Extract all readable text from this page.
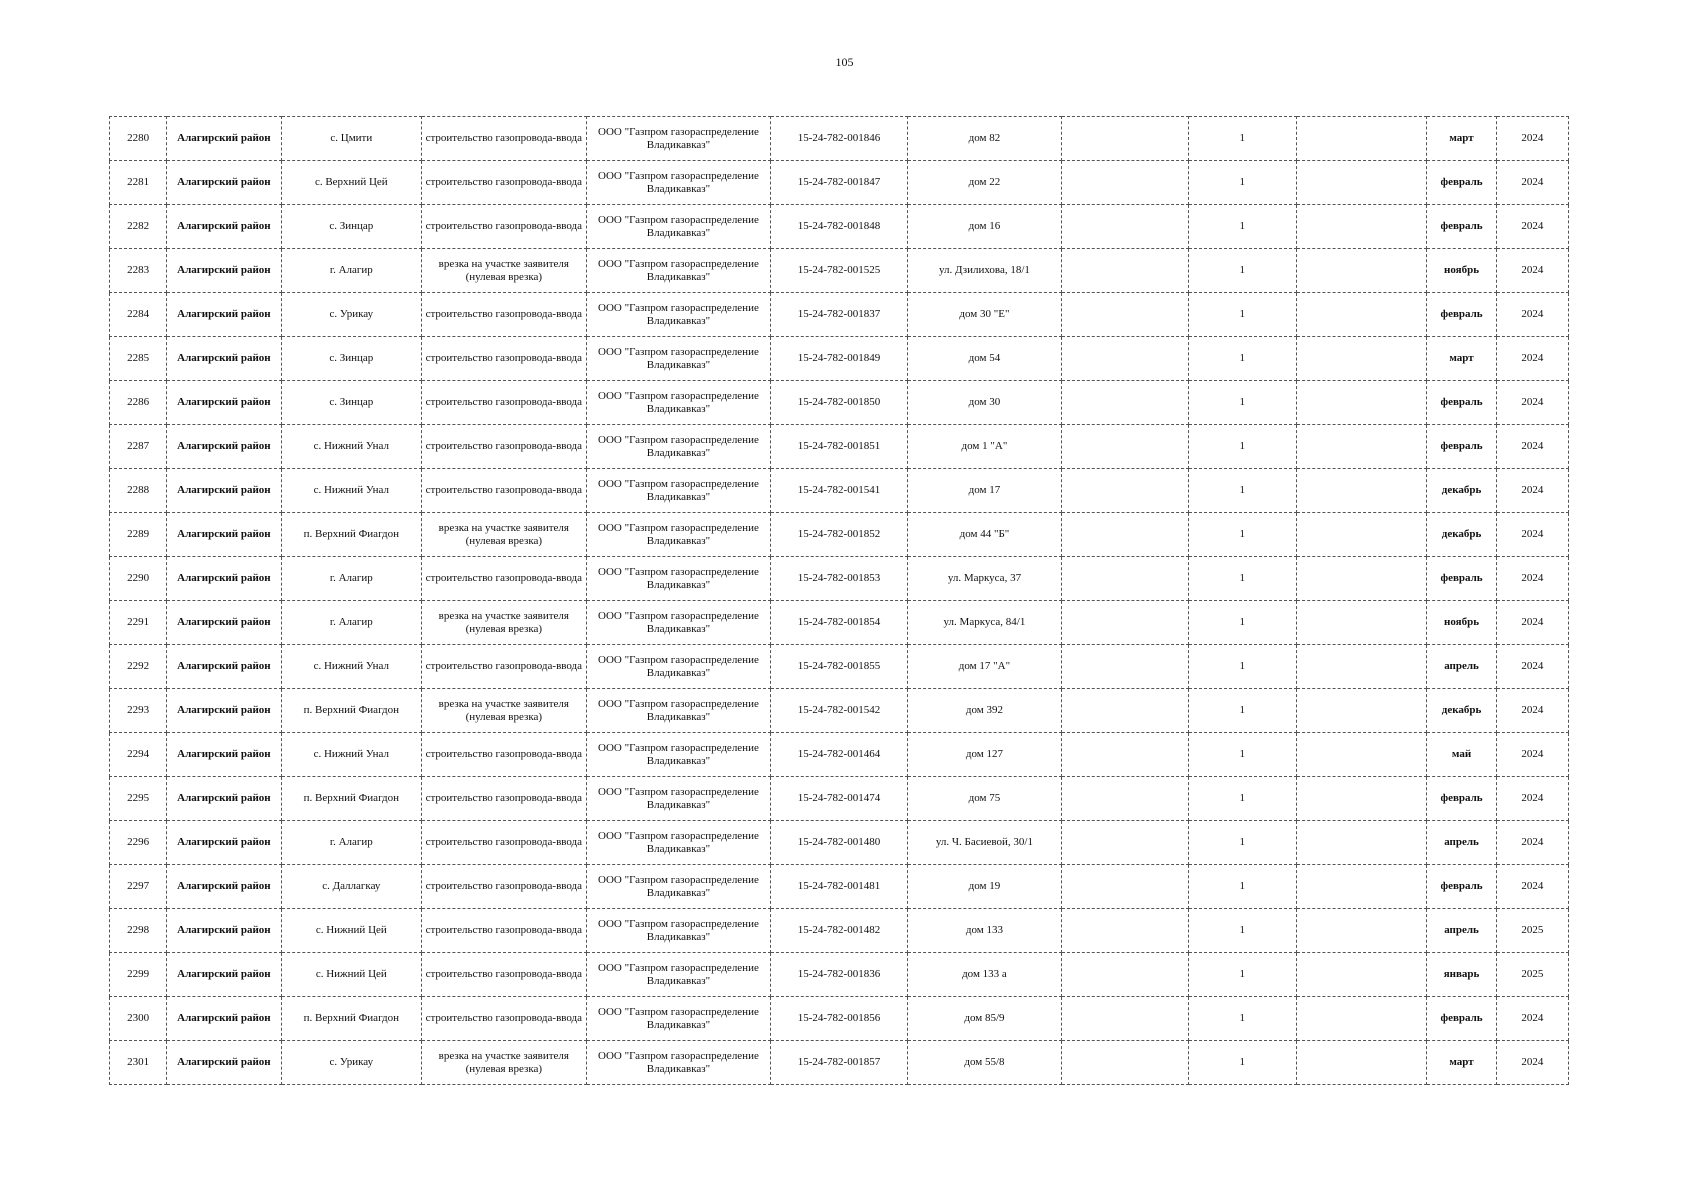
105
2280	Алагирский район	с. Цмити	строительство газопровода-ввода	ООО "Газпром газораспределение Владикавказ"	15-24-782-001846	дом 82		1		март	2024
2281	Алагирский район	с. Верхний Цей	строительство газопровода-ввода	ООО "Газпром газораспределение Владикавказ"	15-24-782-001847	дом 22		1		февраль	2024
2282	Алагирский район	с. Зинцар	строительство газопровода-ввода	ООО "Газпром газораспределение Владикавказ"	15-24-782-001848	дом 16		1		февраль	2024
2283	Алагирский район	г. Алагир	врезка на участке заявителя (нулевая врезка)	ООО "Газпром газораспределение Владикавказ"	15-24-782-001525	ул. Дзилихова, 18/1		1		ноябрь	2024
2284	Алагирский район	с. Урикау	строительство газопровода-ввода	ООО "Газпром газораспределение Владикавказ"	15-24-782-001837	дом 30 "Е"		1		февраль	2024
2285	Алагирский район	с. Зинцар	строительство газопровода-ввода	ООО "Газпром газораспределение Владикавказ"	15-24-782-001849	дом 54		1		март	2024
2286	Алагирский район	с. Зинцар	строительство газопровода-ввода	ООО "Газпром газораспределение Владикавказ"	15-24-782-001850	дом 30		1		февраль	2024
2287	Алагирский район	с. Нижний Унал	строительство газопровода-ввода	ООО "Газпром газораспределение Владикавказ"	15-24-782-001851	дом 1 "А"		1		февраль	2024
2288	Алагирский район	с. Нижний Унал	строительство газопровода-ввода	ООО "Газпром газораспределение Владикавказ"	15-24-782-001541	дом 17		1		декабрь	2024
2289	Алагирский район	п. Верхний Фиагдон	врезка на участке заявителя (нулевая врезка)	ООО "Газпром газораспределение Владикавказ"	15-24-782-001852	дом 44 "Б"		1		декабрь	2024
2290	Алагирский район	г. Алагир	строительство газопровода-ввода	ООО "Газпром газораспределение Владикавказ"	15-24-782-001853	ул. Маркуса, 37		1		февраль	2024
2291	Алагирский район	г. Алагир	врезка на участке заявителя (нулевая врезка)	ООО "Газпром газораспределение Владикавказ"	15-24-782-001854	ул. Маркуса, 84/1		1		ноябрь	2024
2292	Алагирский район	с. Нижний Унал	строительство газопровода-ввода	ООО "Газпром газораспределение Владикавказ"	15-24-782-001855	дом 17 "А"		1		апрель	2024
2293	Алагирский район	п. Верхний Фиагдон	врезка на участке заявителя (нулевая врезка)	ООО "Газпром газораспределение Владикавказ"	15-24-782-001542	дом 392		1		декабрь	2024
2294	Алагирский район	с. Нижний Унал	строительство газопровода-ввода	ООО "Газпром газораспределение Владикавказ"	15-24-782-001464	дом 127		1		май	2024
2295	Алагирский район	п. Верхний Фиагдон	строительство газопровода-ввода	ООО "Газпром газораспределение Владикавказ"	15-24-782-001474	дом 75		1		февраль	2024
2296	Алагирский район	г. Алагир	строительство газопровода-ввода	ООО "Газпром газораспределение Владикавказ"	15-24-782-001480	ул. Ч. Басиевой, 30/1		1		апрель	2024
2297	Алагирский район	с. Даллагкау	строительство газопровода-ввода	ООО "Газпром газораспределение Владикавказ"	15-24-782-001481	дом 19		1		февраль	2024
2298	Алагирский район	с. Нижний Цей	строительство газопровода-ввода	ООО "Газпром газораспределение Владикавказ"	15-24-782-001482	дом 133		1		апрель	2025
2299	Алагирский район	с. Нижний Цей	строительство газопровода-ввода	ООО "Газпром газораспределение Владикавказ"	15-24-782-001836	дом 133 а		1		январь	2025
2300	Алагирский район	п. Верхний Фиагдон	строительство газопровода-ввода	ООО "Газпром газораспределение Владикавказ"	15-24-782-001856	дом 85/9		1		февраль	2024
2301	Алагирский район	с. Урикау	врезка на участке заявителя (нулевая врезка)	ООО "Газпром газораспределение Владикавказ"	15-24-782-001857	дом 55/8		1		март	2024
